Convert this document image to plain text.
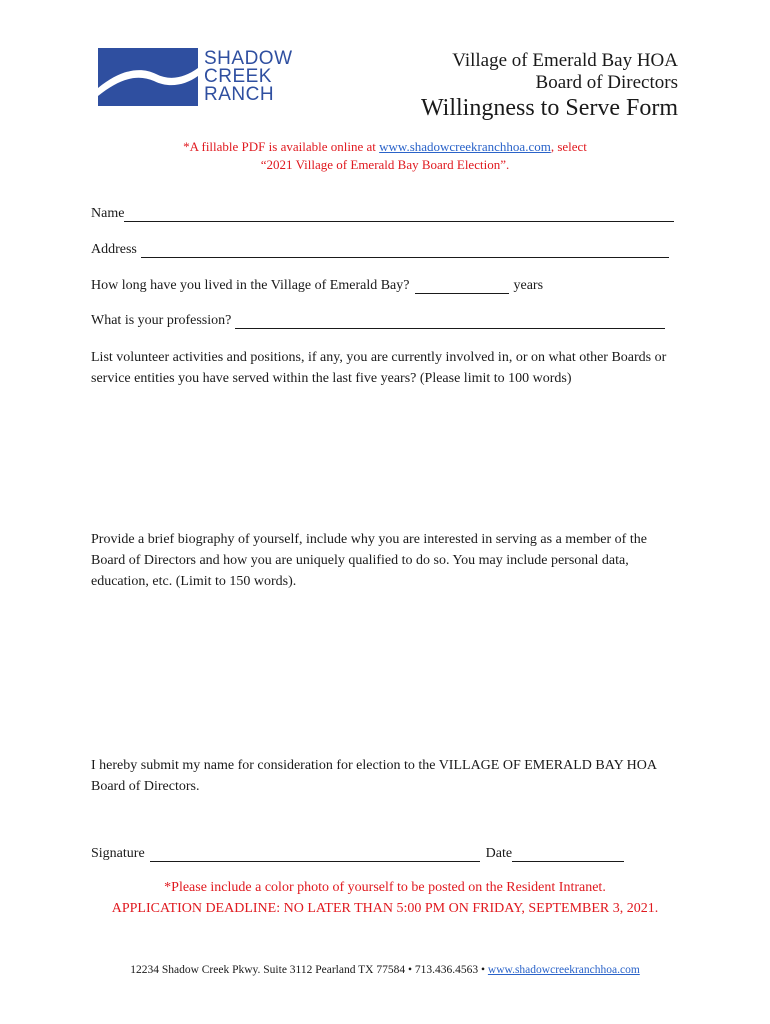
SHADOW
CREEK
RANCH
Village of Emerald Bay HOA
Board of Directors
Willingness to Serve Form
*A fillable PDF is available online at www.shadowcreekranchhoa.com, select
“2021 Village of Emerald Bay Board Election”.
Name
Address
How long have you lived in the Village of Emerald Bay?	years
What is your profession?
List volunteer activities and positions, if any, you are currently involved in, or on what other Boards or service entities you have served within the last five years? (Please limit to 100 words)
Provide a brief biography of yourself, include why you are interested in serving as a member of the Board of Directors and how you are uniquely qualified to do so. You may include personal data, education, etc. (Limit to 150 words).
I hereby submit my name for consideration for election to the VILLAGE OF EMERALD BAY HOA Board of Directors.
Signature	Date
*Please include a color photo of yourself to be posted on the Resident Intranet.
APPLICATION DEADLINE: NO LATER THAN 5:00 PM ON FRIDAY, SEPTEMBER 3, 2021.
12234 Shadow Creek Pkwy. Suite 3112 Pearland TX 77584 • 713.436.4563 • www.shadowcreekranchhoa.com
